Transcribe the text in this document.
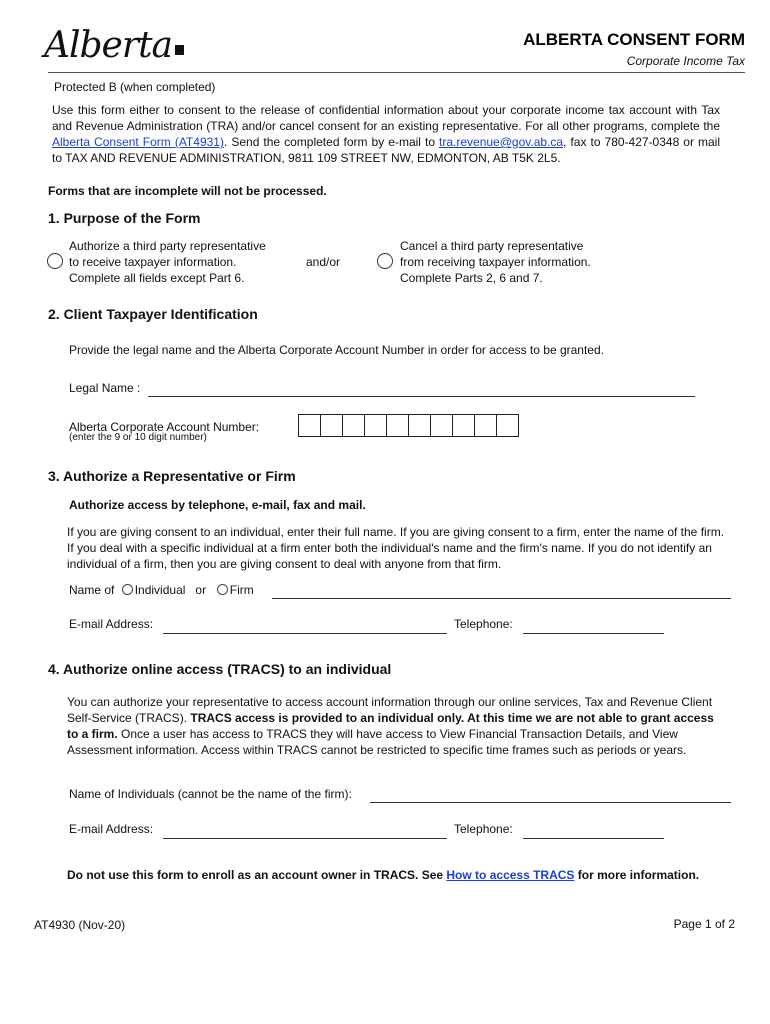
Alberta	ALBERTA CONSENT FORM
Corporate Income Tax
Protected B (when completed)
Use this form either to consent to the release of confidential information about your corporate income tax account with Tax and Revenue Administration (TRA) and/or cancel consent for an existing representative. For all other programs, complete the Alberta Consent Form (AT4931). Send the completed form by e-mail to tra.revenue@gov.ab.ca, fax to 780-427-0348 or mail to TAX AND REVENUE ADMINISTRATION, 9811 109 STREET NW, EDMONTON, AB T5K 2L5.
Forms that are incomplete will not be processed.
1. Purpose of the Form
Authorize a third party representative
to receive taxpayer information.
Complete all fields except Part 6.
and/or
Cancel a third party representative
from receiving taxpayer information.
Complete Parts 2, 6 and 7.
2. Client Taxpayer Identification
Provide the legal name and the Alberta Corporate Account Number in order for access to be granted.
Legal Name :
Alberta Corporate Account Number:
(enter the 9 or 10 digit number)
3. Authorize a Representative or Firm
Authorize access by telephone, e-mail, fax and mail.
If you are giving consent to an individual, enter their full name. If you are giving consent to a firm, enter the name of the firm. If you deal with a specific individual at a firm enter both the individual's name and the firm's name. If you do not identify an individual of a firm, then you are giving consent to deal with anyone from that firm.
Name of Individual or Firm
E-mail Address:	Telephone:
4. Authorize online access (TRACS) to an individual
You can authorize your representative to access account information through our online services, Tax and Revenue Client Self-Service (TRACS). TRACS access is provided to an individual only. At this time we are not able to grant access to a firm. Once a user has access to TRACS they will have access to View Financial Transaction Details, and View Assessment information. Access within TRACS cannot be restricted to specific time frames such as periods or years.
Name of Individuals (cannot be the name of the firm):
E-mail Address:	Telephone:
Do not use this form to enroll as an account owner in TRACS. See How to access TRACS for more information.
AT4930 (Nov-20)	Page 1 of 2
